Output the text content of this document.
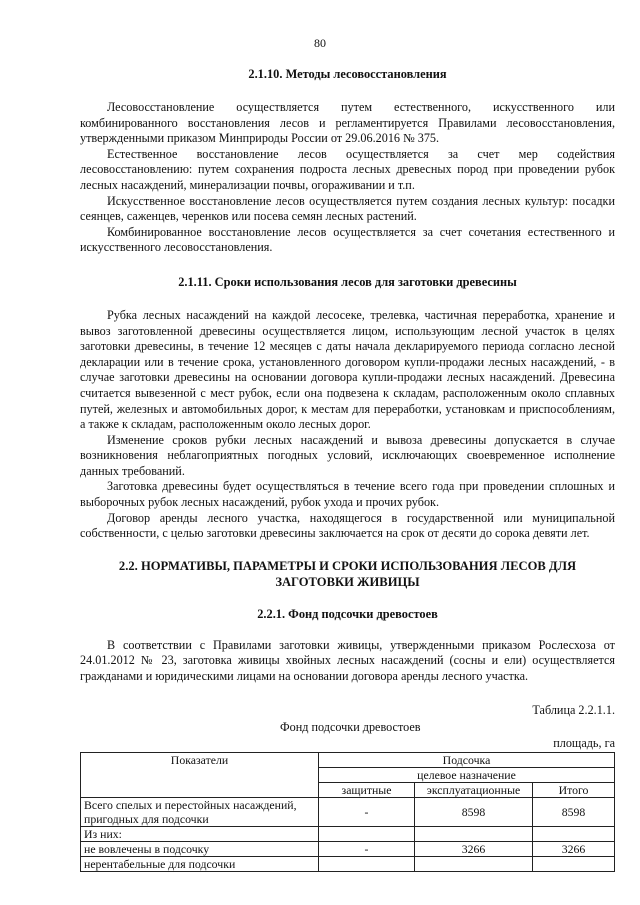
80
2.1.10. Методы лесовосстановления

Лесовосстановление осуществляется путем естественного, искусственного или комбинированного восстановления лесов и регламентируется Правилами лесовосстановления, утвержденными приказом Минприроды России от 29.06.2016 № 375.

Естественное восстановление лесов осуществляется за счет мер содействия лесовосстановлению: путем сохранения подроста лесных древесных пород при проведении рубок лесных насаждений, минерализации почвы, огораживании и т.п.

Искусственное восстановление лесов осуществляется путем создания лесных культур: посадки сеянцев, саженцев, черенков или посева семян лесных растений.

Комбинированное восстановление лесов осуществляется за счет сочетания естественного и искусственного лесовосстановления.

2.1.11. Сроки использования лесов для заготовки древесины

Рубка лесных насаждений на каждой лесосеке, трелевка, частичная переработка, хранение и вывоз заготовленной древесины осуществляется лицом, использующим лесной участок в целях заготовки древесины, в течение 12 месяцев с даты начала декларируемого периода согласно лесной декларации или в течение срока, установленного договором купли-продажи лесных насаждений, - в случае заготовки древесины на основании договора купли-продажи лесных насаждений. Древесина считается вывезенной с мест рубок, если она подвезена к складам, расположенным около сплавных путей, железных и автомобильных дорог, к местам для переработки, установкам и приспособлениям, а также к складам, расположенным около лесных дорог.

Изменение сроков рубки лесных насаждений и вывоза древесины допускается в случае возникновения неблагоприятных погодных условий, исключающих своевременное исполнение данных требований.

Заготовка древесины будет осуществляться в течение всего года при проведении сплошных и выборочных рубок лесных насаждений, рубок ухода и прочих рубок.

Договор аренды лесного участка, находящегося в государственной или муниципальной собственности, с целью заготовки древесины заключается на срок от десяти до сорока девяти лет.

2.2. НОРМАТИВЫ, ПАРАМЕТРЫ И СРОКИ ИСПОЛЬЗОВАНИЯ ЛЕСОВ ДЛЯ ЗАГОТОВКИ ЖИВИЦЫ
2.2.1. Фонд подсочки древостоев

В соответствии с Правилами заготовки живицы, утвержденными приказом Рослесхоза от 24.01.2012 № 23, заготовка живицы хвойных лесных насаждений (сосны и ели) осуществляется гражданами и юридическими лицами на основании договора аренды лесного участка.

Таблица 2.2.1.1.
Фонд подсочки древостоев
площадь, га
Показатели	Подсочка		
	целевое назначение		
	защитные	эксплуатационные	Итого
Всего спелых и перестойных насаждений, пригодных для подсочки	-	8598	8598
Из них:			
не вовлечены в подсочку	-	3266	3266
нерентабельные для подсочки			
